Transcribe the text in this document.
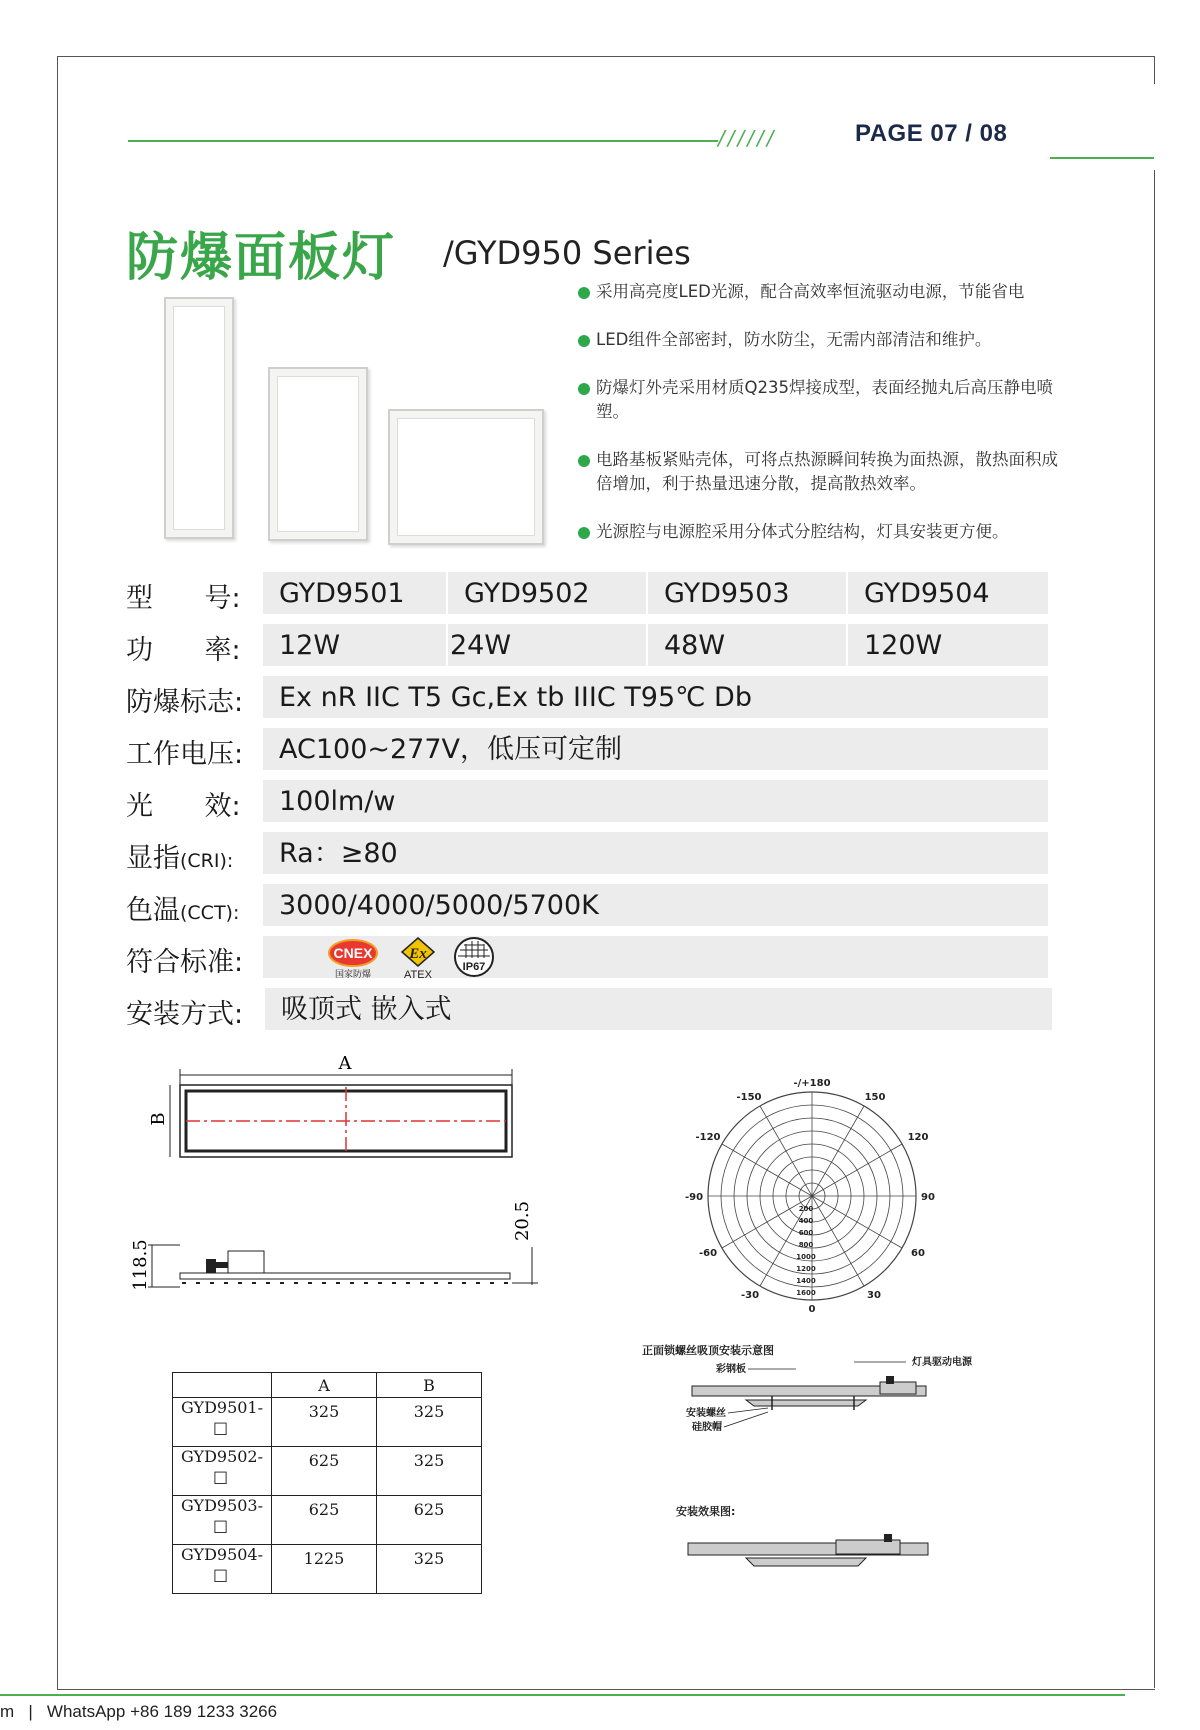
//////	PAGE 07 / 08
防爆面板灯 /GYD950 Series
采用高亮度LED光源，配合高效率恒流驱动电源，节能省电
LED组件全部密封，防水防尘，无需内部清洁和维护。
防爆灯外壳采用材质Q235焊接成型，表面经抛丸后高压静电喷塑。
电路基板紧贴壳体，可将点热源瞬间转换为面热源，散热面积成倍增加，利于热量迅速分散，提高散热效率。
光源腔与电源腔采用分体式分腔结构，灯具安装更方便。
型      号:	GYD9501	GYD9502	GYD9503	GYD9504
功      率:	12W	24W	48W	120W
防爆标志:	Ex nR IIC T5 Gc,Ex tb IIIC T95℃ Db
工作电压:	AC100~277V，低压可定制
光      效:	100lm/w
显指(CRI):	Ra：≥80
色温(CCT):	3000/4000/5000/5700K
符合标准:	CNEX
国家防爆
Ex
ATEX
IP67
安装方式:	吸顶式 嵌入式
A
B
118.5
20.5
-/+180
-150	150
-120	120
-90	90
-60	60
-30	30
0
200
400
600
800
1000
1200
1400
1600
	A	B
GYD9501-
□	325	325
GYD9502-
□	625	325
GYD9503-
□	625	625
GYD9504-
□	1225	325
正面锁螺丝吸顶安装示意图
彩钢板
灯具驱动电源
安装螺丝
硅胶帽
安装效果图:
m   |   WhatsApp +86 189 1233 3266
